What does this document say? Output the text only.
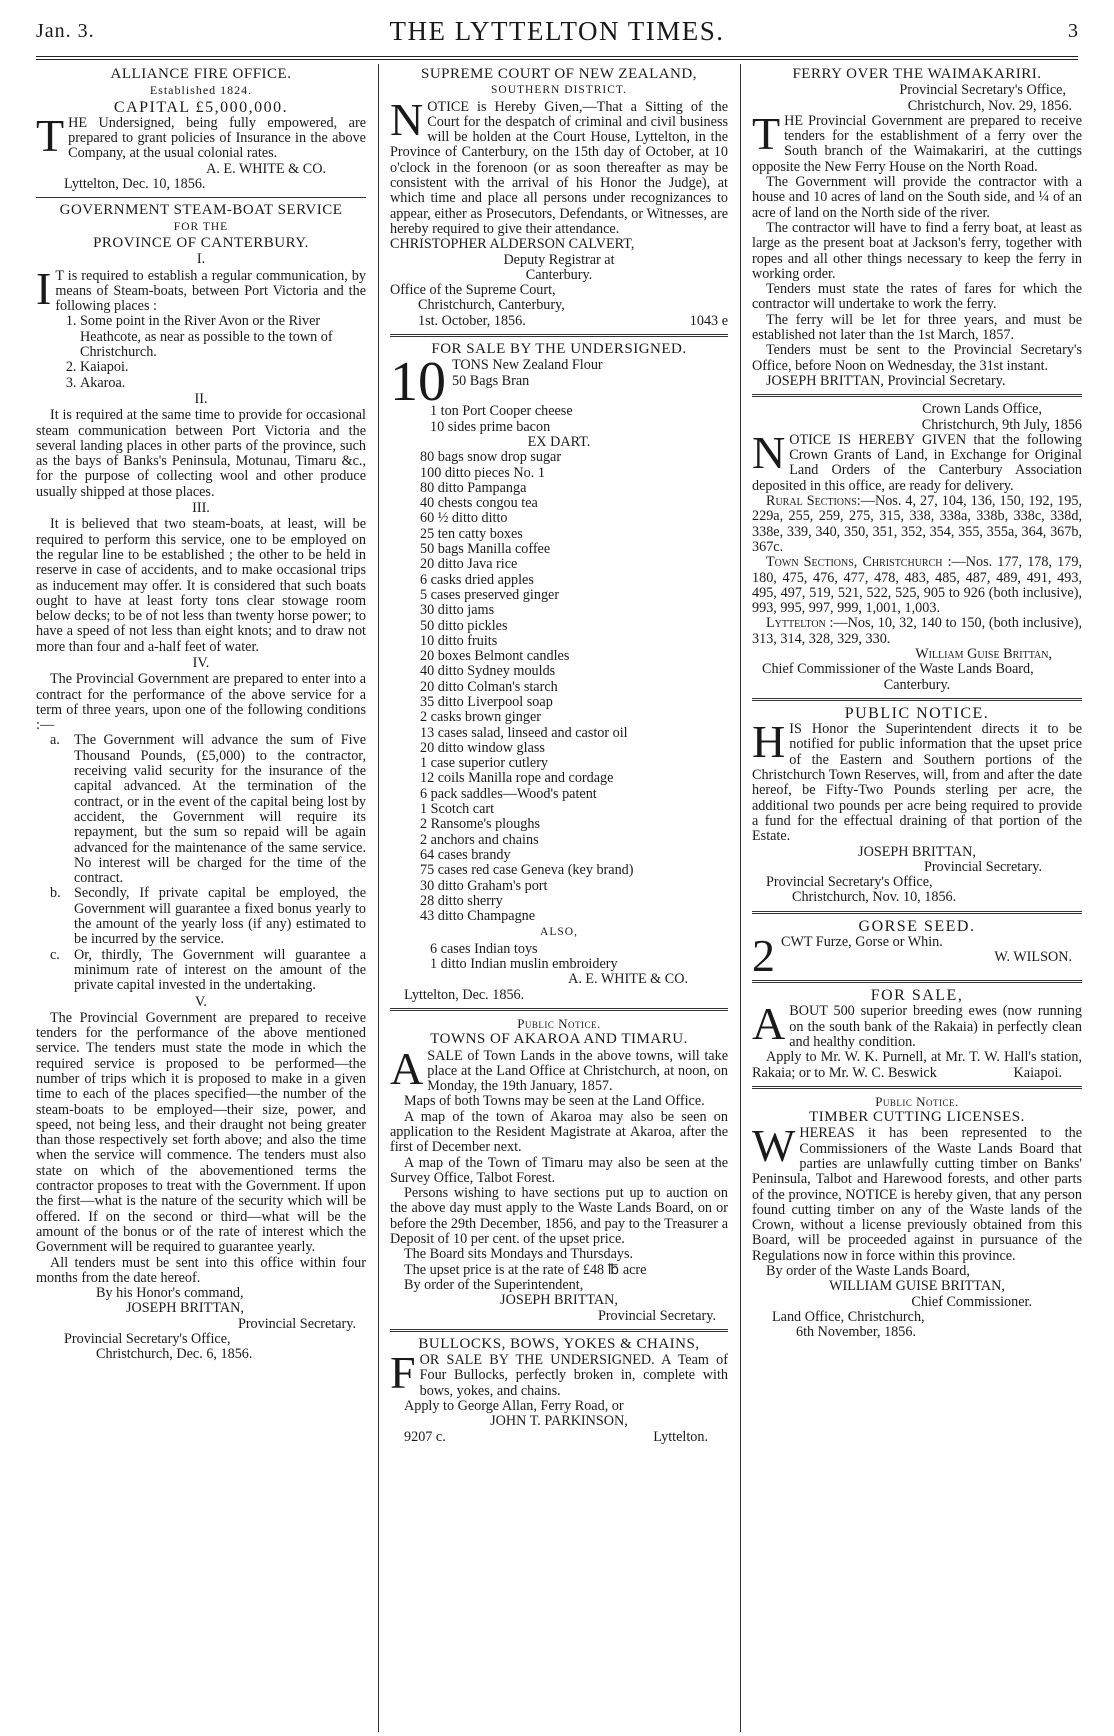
Jan. 3.	THE LYTTELTON TIMES.	3
ALLIANCE FIRE OFFICE.
Established 1824.
CAPITAL £5,000,000.

THE Undersigned, being fully empowered, are prepared to grant policies of Insurance in the above Company, at the usual colonial rates.

A. E. WHITE & CO.
Lyttelton, Dec. 10, 1856.
GOVERNMENT STEAM-BOAT SERVICE
FOR THE
PROVINCE OF CANTERBURY.
I.

I T is required to establish a regular communication, by means of Steam-boats, between Port Victoria and the following places :

1. Some point in the River Avon or the River Heathcote, as near as possible to the town of Christchurch.
2. Kaiapoi.
3. Akaroa.
II.

It is required at the same time to provide for occasional steam communication between Port Victoria and the several landing places in other parts of the province, such as the bays of Banks's Peninsula, Motunau, Timaru &c., for the purpose of collecting wool and other produce usually shipped at those places.

III.

It is believed that two steam-boats, at least, will be required to perform this service, one to be employed on the regular line to be established ; the other to be held in reserve in case of accidents, and to make occasional trips as inducement may offer. It is considered that such boats ought to have at least forty tons clear stowage room below decks; to be of not less than twenty horse power; to have a speed of not less than eight knots; and to draw not more than four and a-half feet of water.

IV.

The Provincial Government are prepared to enter into a contract for the performance of the above service for a term of three years, upon one of the following conditions :—

a. The Government will advance the sum of Five Thousand Pounds, (£5,000) to the contractor, receiving valid security for the insurance of the capital advanced. At the termination of the contract, or in the event of the capital being lost by accident, the Government will require its repayment, but the sum so repaid will be again advanced for the maintenance of the same service. No interest will be charged for the time of the contract.
b. Secondly, If private capital be employed, the Government will guarantee a fixed bonus yearly to the amount of the yearly loss (if any) estimated to be incurred by the service.
c. Or, thirdly, The Government will guarantee a minimum rate of interest on the amount of the private capital invested in the undertaking.
V.

The Provincial Government are prepared to receive tenders for the performance of the above mentioned service. The tenders must state the mode in which the required service is proposed to be performed—the number of trips which it is proposed to make in a given time to each of the places specified—the number of the steam-boats to be employed—their size, power, and speed, not being less, and their draught not being greater than those respectively set forth above; and also the time when the service will commence. The tenders must also state on which of the abovementioned terms the contractor proposes to treat with the Government. If upon the first—what is the nature of the security which will be offered. If on the second or third—what will be the amount of the bonus or of the rate of interest which the Government will be required to guarantee yearly.

All tenders must be sent into this office within four months from the date hereof.

By his Honor's command,
JOSEPH BRITTAN,
Provincial Secretary.
Provincial Secretary's Office,
Christchurch, Dec. 6, 1856.
SUPREME COURT OF NEW ZEALAND,
SOUTHERN DISTRICT.

NOTICE is Hereby Given,—That a Sitting of the Court for the despatch of criminal and civil business will be holden at the Court House, Lyttelton, in the Province of Canterbury, on the 15th day of October, at 10 o'clock in the forenoon (or as soon thereafter as may be consistent with the arrival of his Honor the Judge), at which time and place all persons under recognizances to appear, either as Prosecutors, Defendants, or Witnesses, are hereby required to give their attendance.

CHRISTOPHER ALDERSON CALVERT,
Deputy Registrar at
Canterbury.
Office of the Supreme Court,
Christchurch, Canterbury,
1st. October, 1856.	1043 e
FOR SALE BY THE UNDERSIGNED.
10 TONS New Zealand Flour
50 Bags Bran
1 ton Port Cooper cheese
10 sides prime bacon
EX DART.
80 bags snow drop sugar
100 ditto pieces No. 1
80 ditto Pampanga
40 chests congou tea
60 ½ ditto ditto
25 ten catty boxes
50 bags Manilla coffee
20 ditto Java rice
6 casks dried apples
5 cases preserved ginger
30 ditto jams
50 ditto pickles
10 ditto fruits
20 boxes Belmont candles
40 ditto Sydney moulds
20 ditto Colman's starch
35 ditto Liverpool soap
2 casks brown ginger
13 cases salad, linseed and castor oil
20 ditto window glass
1 case superior cutlery
12 coils Manilla rope and cordage
6 pack saddles—Wood's patent
1 Scotch cart
2 Ransome's ploughs
2 anchors and chains
64 cases brandy
75 cases red case Geneva (key brand)
30 ditto Graham's port
28 ditto sherry
43 ditto Champagne
ALSO,
6 cases Indian toys
1 ditto Indian muslin embroidery
A. E. WHITE & CO.
Lyttelton, Dec. 1856.
Public Notice.
TOWNS OF AKAROA AND TIMARU.

ASALE of Town Lands in the above towns, will take place at the Land Office at Christchurch, at noon, on Monday, the 19th January, 1857.

Maps of both Towns may be seen at the Land Office.

A map of the town of Akaroa may also be seen on application to the Resident Magistrate at Akaroa, after the first of December next.

A map of the Town of Timaru may also be seen at the Survey Office, Talbot Forest.

Persons wishing to have sections put up to auction on the above day must apply to the Waste Lands Board, on or before the 29th December, 1856, and pay to the Treasurer a Deposit of 10 per cent. of the upset price.

The Board sits Mondays and Thursdays.

The upset price is at the rate of £48 ℔ acre

By order of the Superintendent,

JOSEPH BRITTAN,
Provincial Secretary.
BULLOCKS, BOWS, YOKES & CHAINS,

FOR SALE BY THE UNDERSIGNED. A Team of Four Bullocks, perfectly broken in, complete with bows, yokes, and chains.

Apply to George Allan, Ferry Road, or
JOHN T. PARKINSON,
9207 c.	Lyttelton.
FERRY OVER THE WAIMAKARIRI.
Provincial Secretary's Office,
Christchurch, Nov. 29, 1856.

THE Provincial Government are prepared to receive tenders for the establishment of a ferry over the South branch of the Waimakariri, at the cuttings opposite the New Ferry House on the North Road.

The Government will provide the contractor with a house and 10 acres of land on the South side, and ¼ of an acre of land on the North side of the river.

The contractor will have to find a ferry boat, at least as large as the present boat at Jackson's ferry, together with ropes and all other things necessary to keep the ferry in working order.

Tenders must state the rates of fares for which the contractor will undertake to work the ferry.

The ferry will be let for three years, and must be established not later than the 1st March, 1857.

Tenders must be sent to the Provincial Secretary's Office, before Noon on Wednesday, the 31st instant.

JOSEPH BRITTAN, Provincial Secretary.
Crown Lands Office,
Christchurch, 9th July, 1856

NOTICE IS HEREBY GIVEN that the following Crown Grants of Land, in Exchange for Original Land Orders of the Canterbury Association deposited in this office, are ready for delivery.

Rural Sections:—Nos. 4, 27, 104, 136, 150, 192, 195, 229a, 255, 259, 275, 315, 338, 338a, 338b, 338c, 338d, 338e, 339, 340, 350, 351, 352, 354, 355, 355a, 364, 367b, 367c.

Town Sections, Christchurch :—Nos. 177, 178, 179, 180, 475, 476, 477, 478, 483, 485, 487, 489, 491, 493, 495, 497, 519, 521, 522, 525, 905 to 926 (both inclusive), 993, 995, 997, 999, 1,001, 1,003.

Lyttelton :—Nos, 10, 32, 140 to 150, (both inclusive), 313, 314, 328, 329, 330.

William Guise Brittan,
Chief Commissioner of the Waste Lands Board,
Canterbury.
PUBLIC NOTICE.

HIS Honor the Superintendent directs it to be notified for public information that the upset price of the Eastern and Southern portions of the Christchurch Town Reserves, will, from and after the date hereof, be Fifty-Two Pounds sterling per acre, the additional two pounds per acre being required to provide a fund for the effectual draining of that portion of the Estate.

JOSEPH BRITTAN,
Provincial Secretary.
Provincial Secretary's Office,
Christchurch, Nov. 10, 1856.
GORSE SEED.
2 CWT Furze, Gorse or Whin.
W. WILSON.
FOR SALE,

ABOUT 500 superior breeding ewes (now running on the south bank of the Rakaia) in perfectly clean and healthy condition.

Apply to Mr. W. K. Purnell, at Mr. T. W. Hall's station, Rakaia; or to Mr. W. C. Beswick	Kaiapoi.

Public Notice.
TIMBER CUTTING LICENSES.

WHEREAS it has been represented to the Commissioners of the Waste Lands Board that parties are unlawfully cutting timber on Banks' Peninsula, Talbot and Harewood forests, and other parts of the province, NOTICE is hereby given, that any person found cutting timber on any of the Waste lands of the Crown, without a license previously obtained from this Board, will be proceeded against in pursuance of the Regulations now in force within this province.

By order of the Waste Lands Board,
WILLIAM GUISE BRITTAN,
Chief Commissioner.
Land Office, Christchurch,
6th November, 1856.
